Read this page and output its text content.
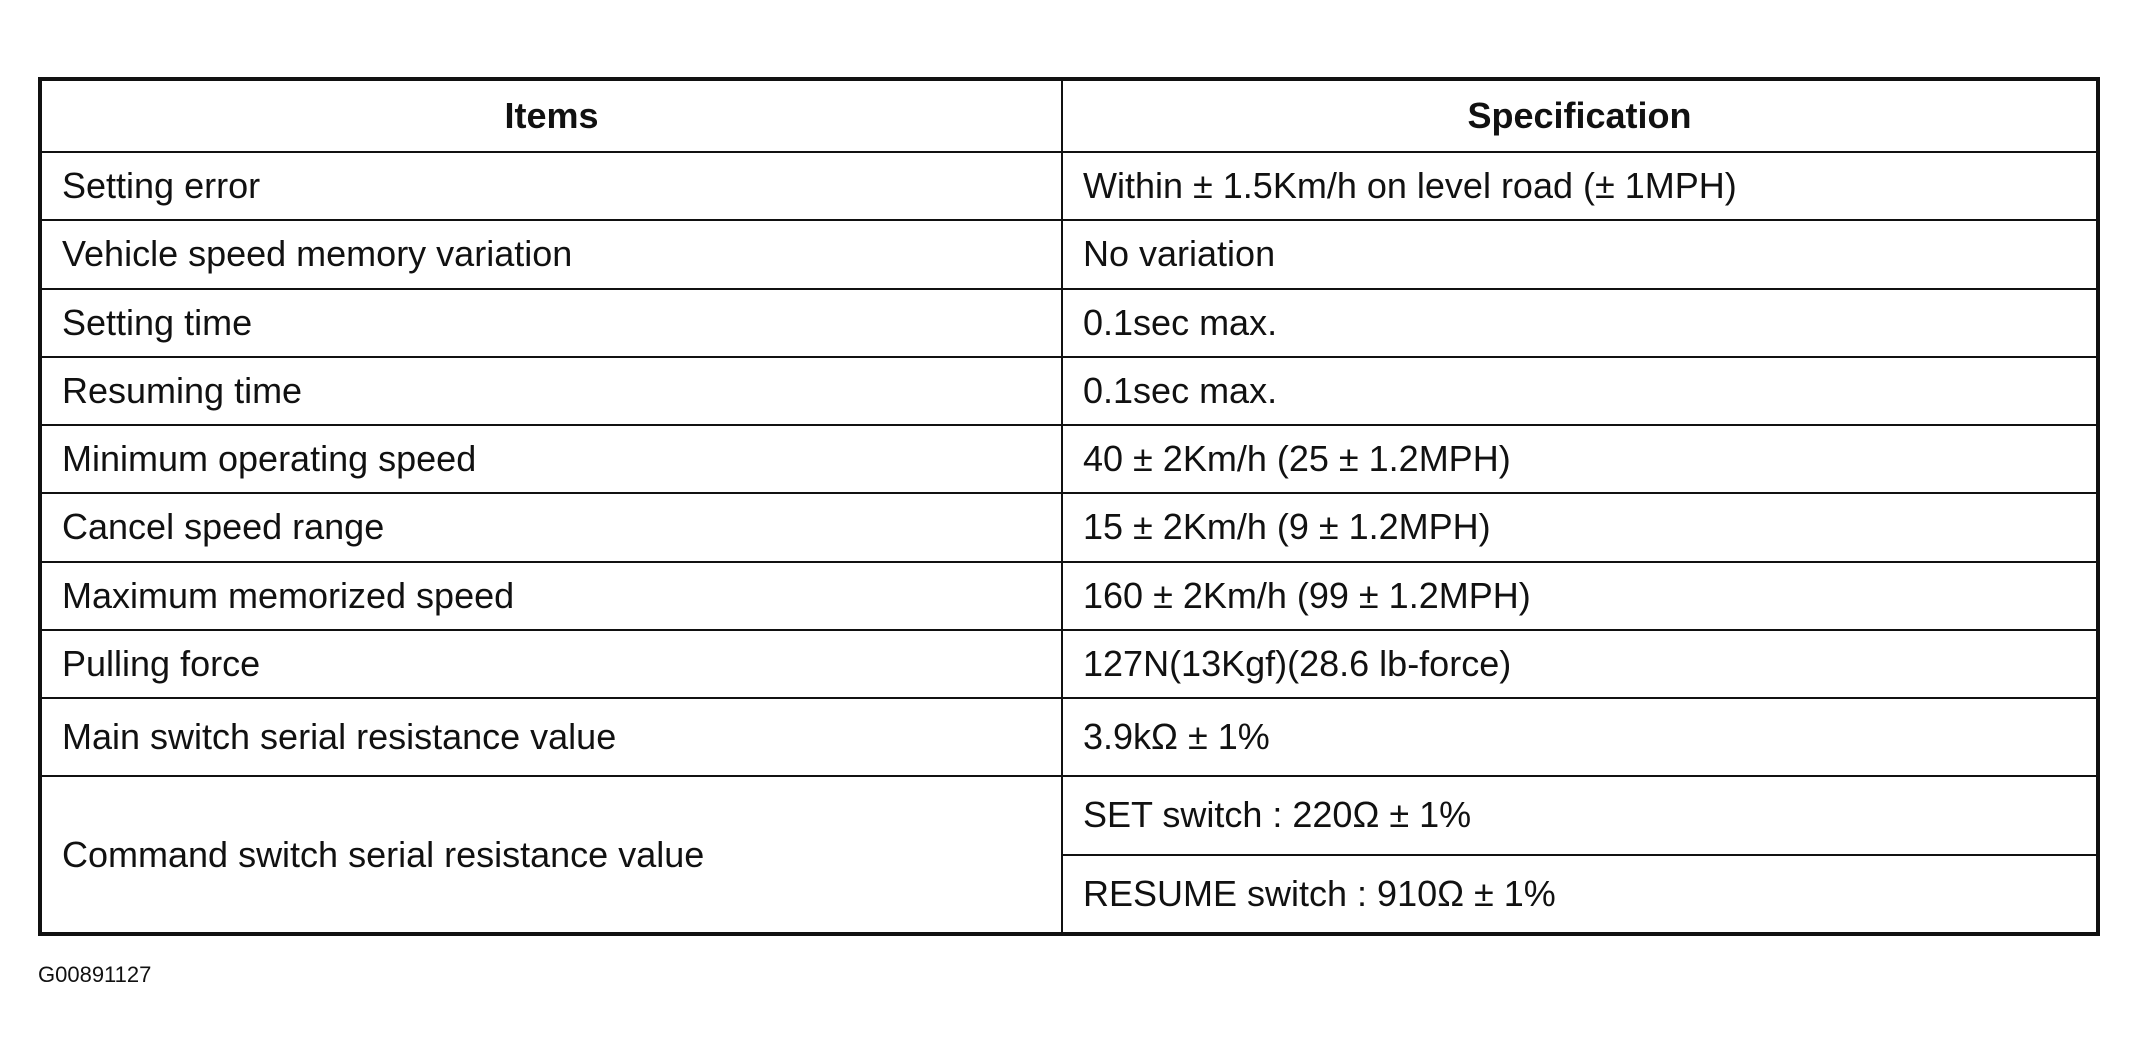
Items	Specification
Setting error	Within ± 1.5Km/h on level road (± 1MPH)
Vehicle speed memory variation	No variation
Setting time	0.1sec max.
Resuming time	0.1sec max.
Minimum operating speed	40 ± 2Km/h (25 ± 1.2MPH)
Cancel speed range	15 ± 2Km/h (9 ± 1.2MPH)
Maximum memorized speed	160 ± 2Km/h (99 ± 1.2MPH)
Pulling force	127N(13Kgf)(28.6 lb-force)
Main switch serial resistance value	3.9kΩ ± 1%
Command switch serial resistance value	SET switch : 220Ω ± 1%
	RESUME switch : 910Ω ± 1%
G00891127
